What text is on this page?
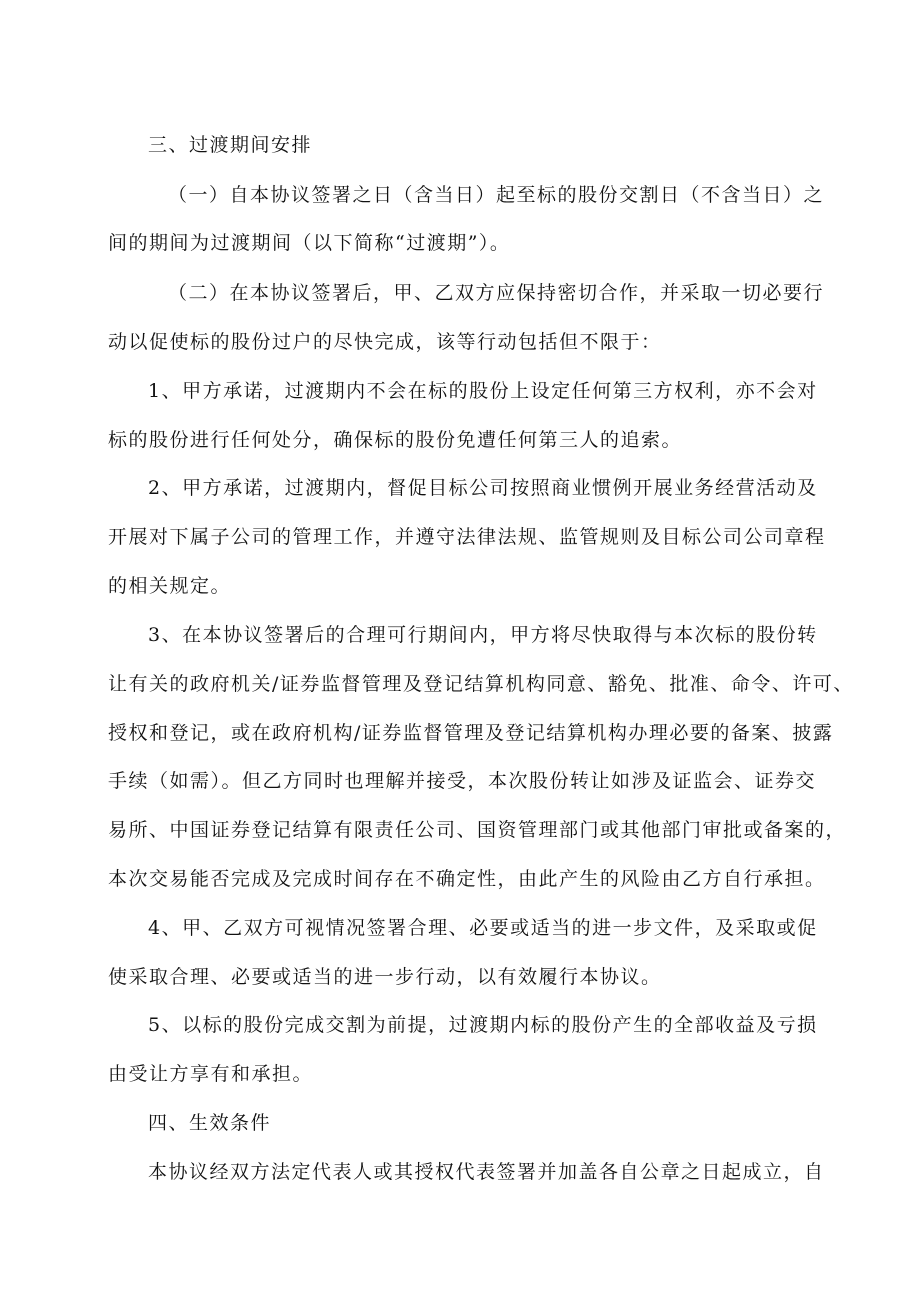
三、过渡期间安排
（一）自本协议签署之日（含当日）起至标的股份交割日（不含当日）之
间的期间为过渡期间（以下简称“过渡期”）。
（二）在本协议签署后，甲、乙双方应保持密切合作，并采取一切必要行
动以促使标的股份过户的尽快完成，该等行动包括但不限于：
1、甲方承诺，过渡期内不会在标的股份上设定任何第三方权利，亦不会对
标的股份进行任何处分，确保标的股份免遭任何第三人的追索。
2、甲方承诺，过渡期内，督促目标公司按照商业惯例开展业务经营活动及
开展对下属子公司的管理工作，并遵守法律法规、监管规则及目标公司公司章程
的相关规定。
3、在本协议签署后的合理可行期间内，甲方将尽快取得与本次标的股份转
让有关的政府机关/证券监督管理及登记结算机构同意、豁免、批准、命令、许可、
授权和登记，或在政府机构/证券监督管理及登记结算机构办理必要的备案、披露
手续（如需）。但乙方同时也理解并接受，本次股份转让如涉及证监会、证券交
易所、中国证券登记结算有限责任公司、国资管理部门或其他部门审批或备案的，
本次交易能否完成及完成时间存在不确定性，由此产生的风险由乙方自行承担。
4、甲、乙双方可视情况签署合理、必要或适当的进一步文件，及采取或促
使采取合理、必要或适当的进一步行动，以有效履行本协议。
5、以标的股份完成交割为前提，过渡期内标的股份产生的全部收益及亏损
由受让方享有和承担。
四、生效条件
本协议经双方法定代表人或其授权代表签署并加盖各自公章之日起成立，自
